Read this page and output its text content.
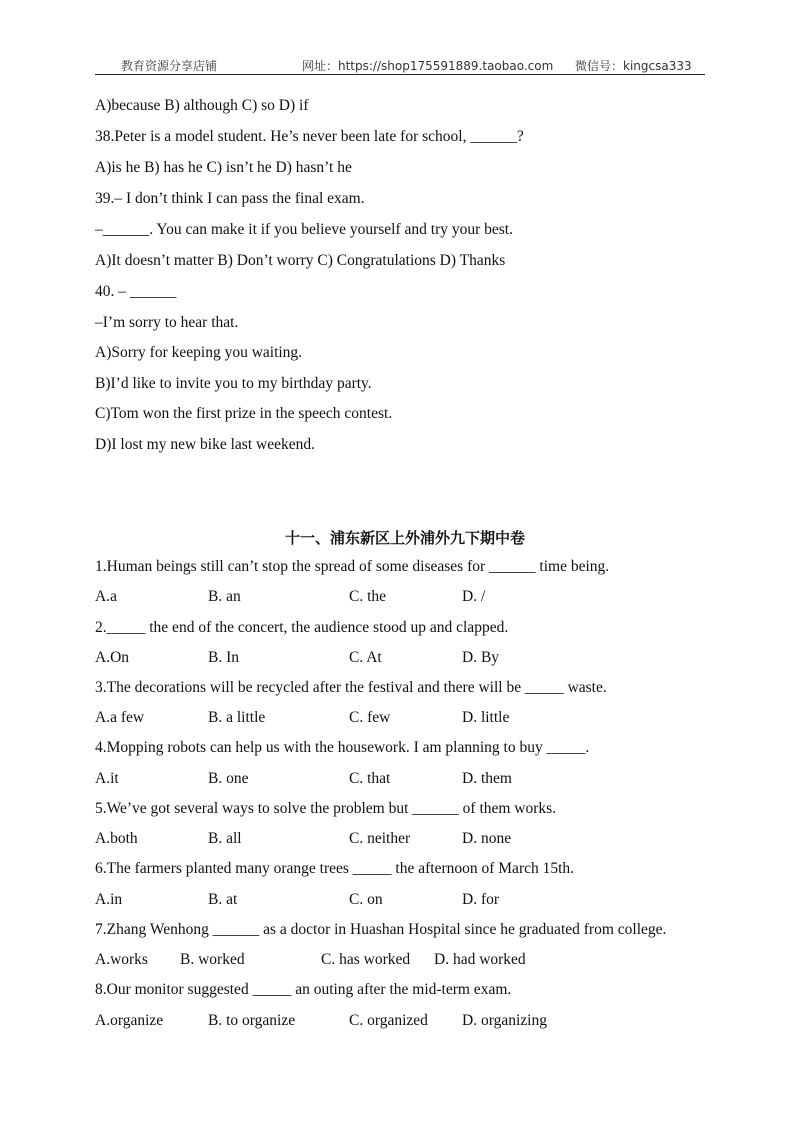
教育资源分享店铺	网址：https://shop175591889.taobao.com 微信号：kingcsa333
A)because B) although C) so D) if
38.Peter is a model student. He’s never been late for school, ______?
A)is he B) has he C) isn’t he D) hasn’t he
39.– I don’t think I can pass the final exam.
–______. You can make it if you believe yourself and try your best.
A)It doesn’t matter B) Don’t worry C) Congratulations D) Thanks
40. – ______
–I’m sorry to hear that.
A)Sorry for keeping you waiting.
B)I’d like to invite you to my birthday party.
C)Tom won the first prize in the speech contest.
D)I lost my new bike last weekend.
十一、浦东新区上外浦外九下期中卷
1.Human beings still can’t stop the spread of some diseases for ______ time being.
A.a	B. an	C. the	D. /
2._____ the end of the concert, the audience stood up and clapped.
A.On	B. In	C. At	D. By
3.The decorations will be recycled after the festival and there will be _____ waste.
A.a few	B. a little	C. few	D. little
4.Mopping robots can help us with the housework. I am planning to buy _____.
A.it	B. one	C. that	D. them
5.We’ve got several ways to solve the problem but ______ of them works.
A.both	B. all	C. neither	D. none
6.The farmers planted many orange trees _____ the afternoon of March 15th.
A.in	B. at	C. on	D. for
7.Zhang Wenhong ______ as a doctor in Huashan Hospital since he graduated from college.
A.works B. worked	C. has worked D. had worked
8.Our monitor suggested _____ an outing after the mid-term exam.
A.organize	B. to organize	C. organized D. organizing
